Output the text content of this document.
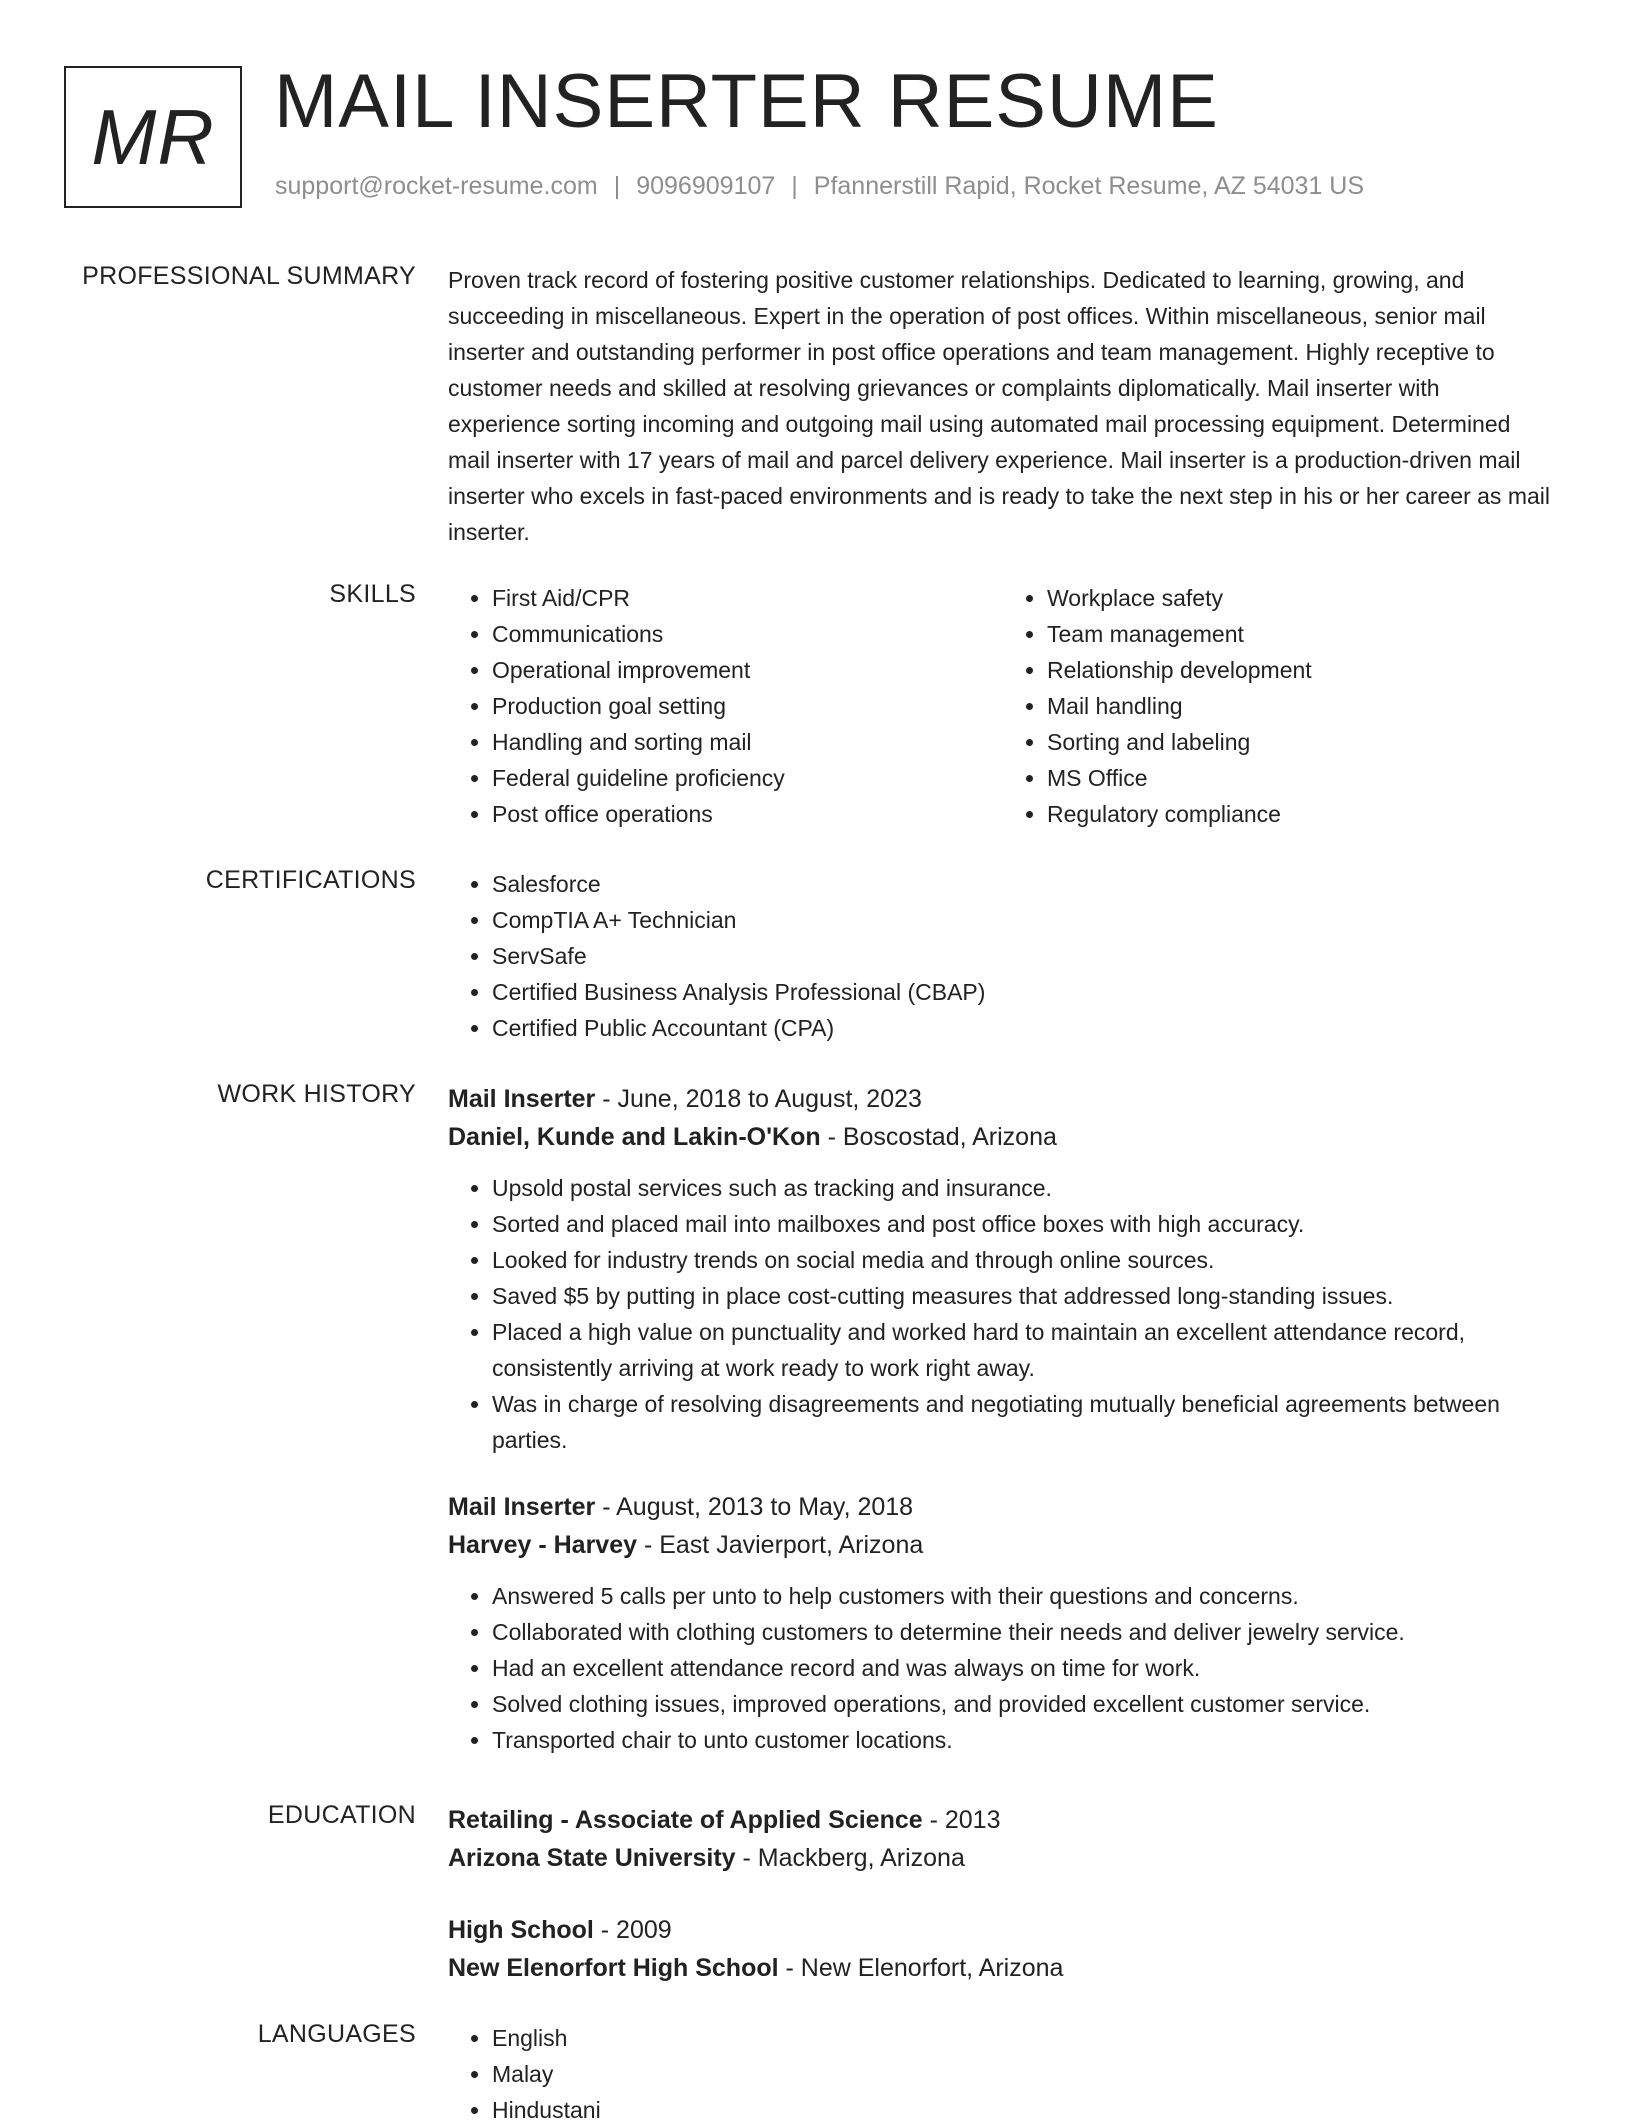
MR MAIL INSERTER RESUME
support@rocket-resume.com | 9096909107 | Pfannerstill Rapid, Rocket Resume, AZ 54031 US
PROFESSIONAL SUMMARY Proven track record of fostering positive customer relationships. Dedicated to learning, growing, and succeeding in miscellaneous. Expert in the operation of post offices. Within miscellaneous, senior mail inserter and outstanding performer in post office operations and team management. Highly receptive to customer needs and skilled at resolving grievances or complaints diplomatically. Mail inserter with experience sorting incoming and outgoing mail using automated mail processing equipment. Determined mail inserter with 17 years of mail and parcel delivery experience. Mail inserter is a production-driven mail inserter who excels in fast-paced environments and is ready to take the next step in his or her career as mail inserter.

SKILLS	• First Aid/CPR
• Communications
• Operational improvement
• Production goal setting
• Handling and sorting mail
• Federal guideline proficiency
• Post office operations
• Workplace safety
• Team management
• Relationship development
• Mail handling
• Sorting and labeling
• MS Office
• Regulatory compliance
CERTIFICATIONS	• Salesforce
• CompTIA A+ Technician
• ServSafe
• Certified Business Analysis Professional (CBAP)
• Certified Public Accountant (CPA)
WORK HISTORY Mail Inserter - June, 2018 to August, 2023
Daniel, Kunde and Lakin-O'Kon - Boscostad, Arizona
• Upsold postal services such as tracking and insurance.
• Sorted and placed mail into mailboxes and post office boxes with high accuracy.
• Looked for industry trends on social media and through online sources.
• Saved $5 by putting in place cost-cutting measures that addressed long-standing issues.
• Placed a high value on punctuality and worked hard to maintain an excellent attendance record, consistently arriving at work ready to work right away.
• Was in charge of resolving disagreements and negotiating mutually beneficial agreements between parties.
Mail Inserter - August, 2013 to May, 2018
Harvey - Harvey - East Javierport, Arizona
• Answered 5 calls per unto to help customers with their questions and concerns.
• Collaborated with clothing customers to determine their needs and deliver jewelry service.
• Had an excellent attendance record and was always on time for work.
• Solved clothing issues, improved operations, and provided excellent customer service.
• Transported chair to unto customer locations.
EDUCATION Retailing - Associate of Applied Science - 2013
Arizona State University - Mackberg, Arizona
High School - 2009
New Elenorfort High School - New Elenorfort, Arizona
LANGUAGES	• English
• Malay
• Hindustani
